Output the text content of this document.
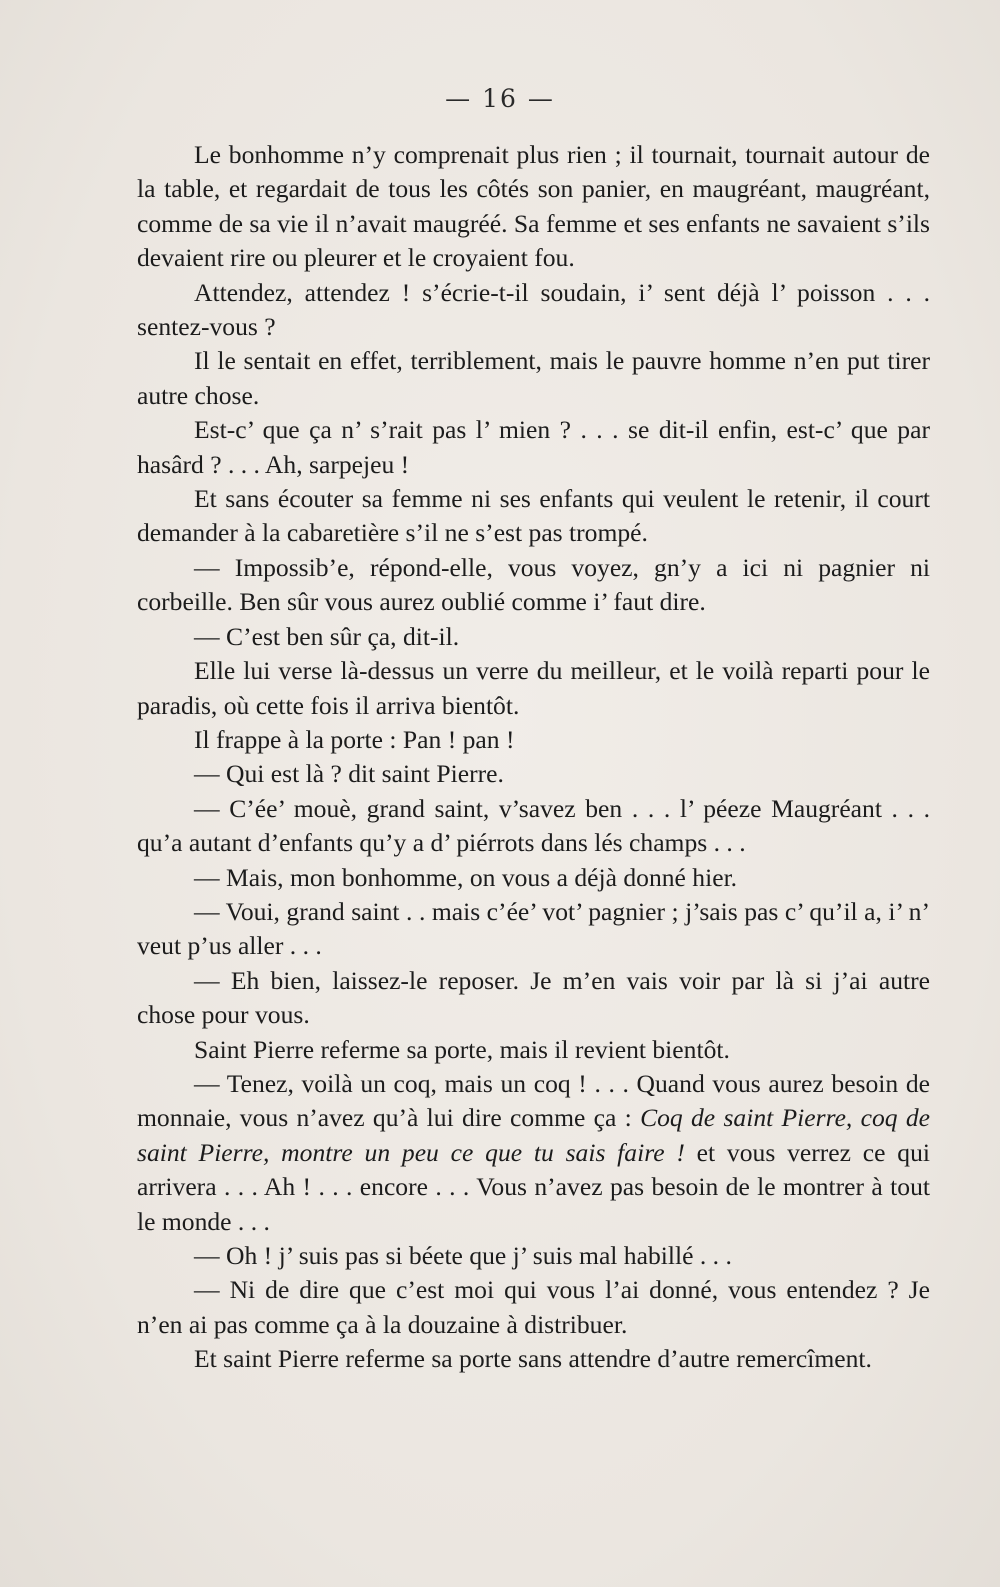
— 16 —

Le bonhomme n’y comprenait plus rien ; il tournait, tournait autour de la table, et regardait de tous les côtés son panier, en maugréant, maugréant, comme de sa vie il n’avait maugréé. Sa femme et ses enfants ne savaient s’ils devaient rire ou pleurer et le croyaient fou.

Attendez, attendez ! s’écrie-t-il soudain, i’ sent déjà l’ poisson . . . sentez-vous ?

Il le sentait en effet, terriblement, mais le pauvre homme n’en put tirer autre chose.

Est-c’ que ça n’ s’rait pas l’ mien ? . . . se dit-il enfin, est-c’ que par hasârd ? . . . Ah, sarpejeu !

Et sans écouter sa femme ni ses enfants qui veulent le retenir, il court demander à la cabaretière s’il ne s’est pas trompé.

— Impossib’e, répond-elle, vous voyez, gn’y a ici ni pagnier ni corbeille. Ben sûr vous aurez oublié comme i’ faut dire.

— C’est ben sûr ça, dit-il.

Elle lui verse là-dessus un verre du meilleur, et le voilà reparti pour le paradis, où cette fois il arriva bientôt.

Il frappe à la porte : Pan ! pan !

— Qui est là ? dit saint Pierre.

— C’ée’ mouè, grand saint, v’savez ben . . . l’ péeze Maugréant . . . qu’a autant d’enfants qu’y a d’ piérrots dans lés champs . . .

— Mais, mon bonhomme, on vous a déjà donné hier.

— Voui, grand saint . . mais c’ée’ vot’ pagnier ; j’sais pas c’ qu’il a, i’ n’ veut p’us aller . . .

— Eh bien, laissez-le reposer. Je m’en vais voir par là si j’ai autre chose pour vous.

Saint Pierre referme sa porte, mais il revient bientôt.

— Tenez, voilà un coq, mais un coq ! . . . Quand vous aurez besoin de monnaie, vous n’avez qu’à lui dire comme ça : Coq de saint Pierre, coq de saint Pierre, montre un peu ce que tu sais faire ! et vous verrez ce qui arrivera . . . Ah ! . . . encore . . . Vous n’avez pas besoin de le montrer à tout le monde . . .

— Oh ! j’ suis pas si béete que j’ suis mal habillé . . .

— Ni de dire que c’est moi qui vous l’ai donné, vous entendez ? Je n’en ai pas comme ça à la douzaine à distribuer.

Et saint Pierre referme sa porte sans attendre d’autre remercîment.
